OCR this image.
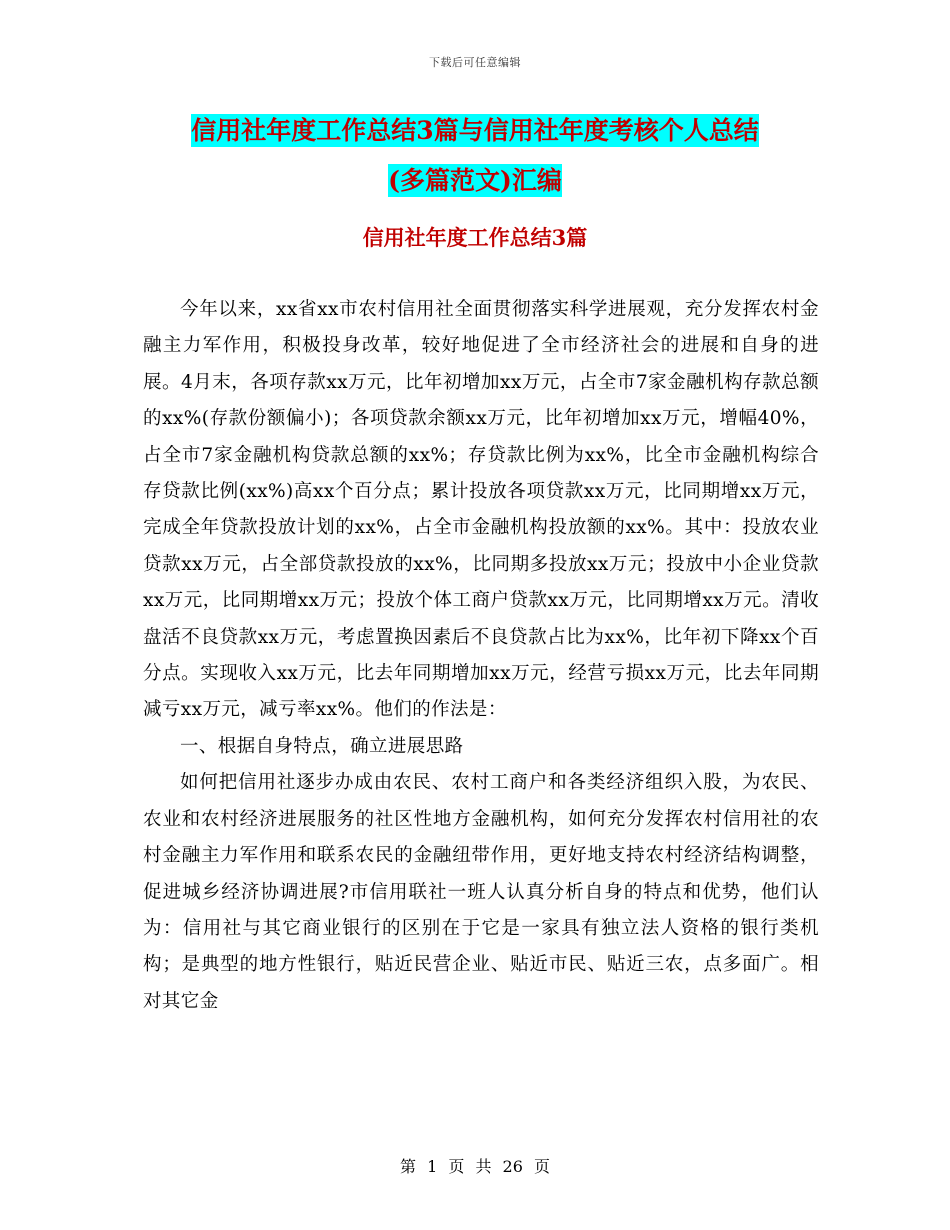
下载后可任意编辑
信用社年度工作总结3篇与信用社年度考核个人总结
(多篇范文)汇编
信用社年度工作总结3篇

今年以来，xx省xx市农村信用社全面贯彻落实科学进展观，充分发挥农村金融主力军作用，积极投身改革，较好地促进了全市经济社会的进展和自身的进展。4月末，各项存款xx万元，比年初增加xx万元，占全市7家金融机构存款总额的xx%(存款份额偏小)；各项贷款余额xx万元，比年初增加xx万元，增幅40%，占全市7家金融机构贷款总额的xx%；存贷款比例为xx%，比全市金融机构综合存贷款比例(xx%)高xx个百分点；累计投放各项贷款xx万元，比同期增xx万元，完成全年贷款投放计划的xx%，占全市金融机构投放额的xx%。其中：投放农业贷款xx万元，占全部贷款投放的xx%，比同期多投放xx万元；投放中小企业贷款xx万元，比同期增xx万元；投放个体工商户贷款xx万元，比同期增xx万元。清收盘活不良贷款xx万元，考虑置换因素后不良贷款占比为xx%，比年初下降xx个百分点。实现收入xx万元，比去年同期增加xx万元，经营亏损xx万元，比去年同期减亏xx万元，减亏率xx%。他们的作法是：

一、根据自身特点，确立进展思路

如何把信用社逐步办成由农民、农村工商户和各类经济组织入股，为农民、农业和农村经济进展服务的社区性地方金融机构，如何充分发挥农村信用社的农村金融主力军作用和联系农民的金融纽带作用，更好地支持农村经济结构调整，促进城乡经济协调进展?市信用联社一班人认真分析自身的特点和优势，他们认为：信用社与其它商业银行的区别在于它是一家具有独立法人资格的银行类机构；是典型的地方性银行，贴近民营企业、贴近市民、贴近三农，点多面广。相对其它金

第 1 页 共 26 页
